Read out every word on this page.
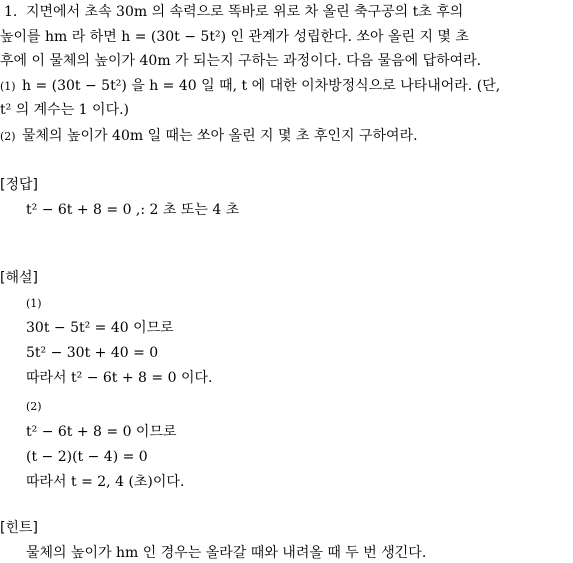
1. 지면에서 초속 30m 의 속력으로 똑바로 위로 차 올린 축구공의 t초 후의
높이를 hm 라 하면 h = (30t − 5t²) 인 관계가 성립한다. 쏘아 올린 지 몇 초
후에 이 물체의 높이가 40m 가 되는지 구하는 과정이다. 다음 물음에 답하여라.
(1) h = (30t − 5t²) 을 h = 40 일 때, t 에 대한 이차방정식으로 나타내어라. (단,
t² 의 계수는 1 이다.)
(2) 물체의 높이가 40m 일 때는 쏘아 올린 지 몇 초 후인지 구하여라.
[정답]
t² − 6t + 8 = 0 ,: 2 초 또는 4 초
[해설]
(1)
30t − 5t² = 40 이므로
5t² − 30t + 40 = 0
따라서 t² − 6t + 8 = 0 이다.
(2)
t² − 6t + 8 = 0 이므로
(t − 2)(t − 4) = 0
따라서 t = 2, 4 (초)이다.
[힌트]
물체의 높이가 hm 인 경우는 올라갈 때와 내려올 때 두 번 생긴다.
